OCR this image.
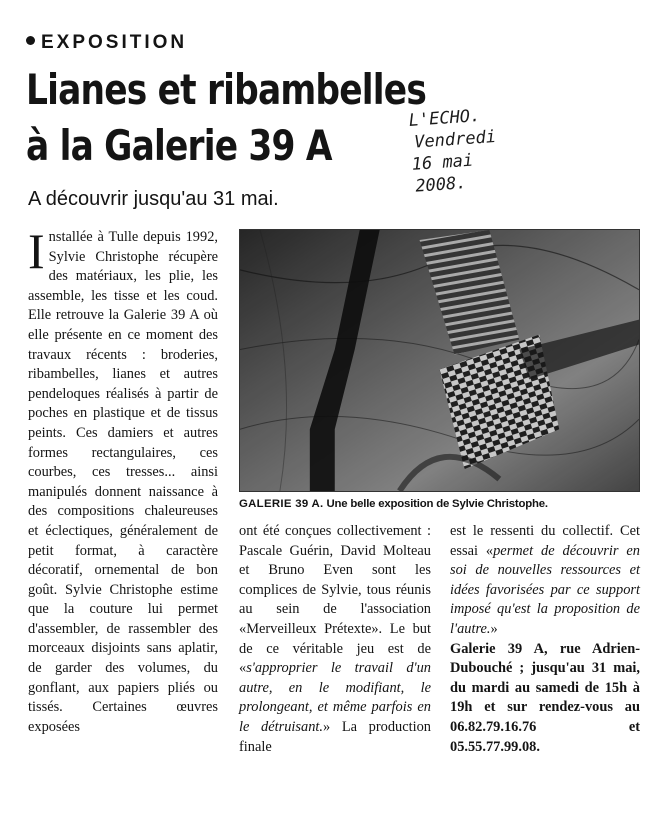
EXPOSITION
Lianes et ribambelles
à la Galerie 39 A
A découvrir jusqu'au 31 mai.
L'ECHO.
Vendredi
16 mai
2008.

Installée à Tulle depuis 1992, Sylvie Christophe récupère des matériaux, les plie, les assemble, les tisse et les coud. Elle retrouve la Galerie 39 A où elle présente en ce moment des travaux récents : broderies, ribambelles, lianes et autres pendeloques réalisés à partir de poches en plastique et de tissus peints. Ces damiers et autres formes rectangulaires, ces courbes, ces tresses... ainsi manipulés donnent naissance à des compositions chaleureuses et éclectiques, généralement de petit format, à caractère décoratif, ornemental de bon goût. Sylvie Christophe estime que la couture lui permet d'assembler, de rassembler des morceaux disjoints sans aplatir, de garder des volumes, du gonflant, aux papiers pliés ou tissés. Certaines œuvres exposées

GALERIE 39 A. Une belle exposition de Sylvie Christophe.

ont été conçues collectivement : Pascale Guérin, David Molteau et Bruno Even sont les complices de Sylvie, tous réunis au sein de l'association «Merveilleux Prétexte». Le but de ce véritable jeu est de «s'approprier le travail d'un autre, en le modifiant, le prolongeant, et même parfois en le détruisant.» La production finale

est le ressenti du collectif. Cet essai «permet de découvrir en soi de nouvelles ressources et idées favorisées par ce support imposé qu'est la proposition de l'autre.»

Galerie 39 A, rue Adrien-Dubouché ; jusqu'au 31 mai, du mardi au samedi de 15h à 19h et sur rendez-vous au 06.82.79.16.76 et 05.55.77.99.08.
